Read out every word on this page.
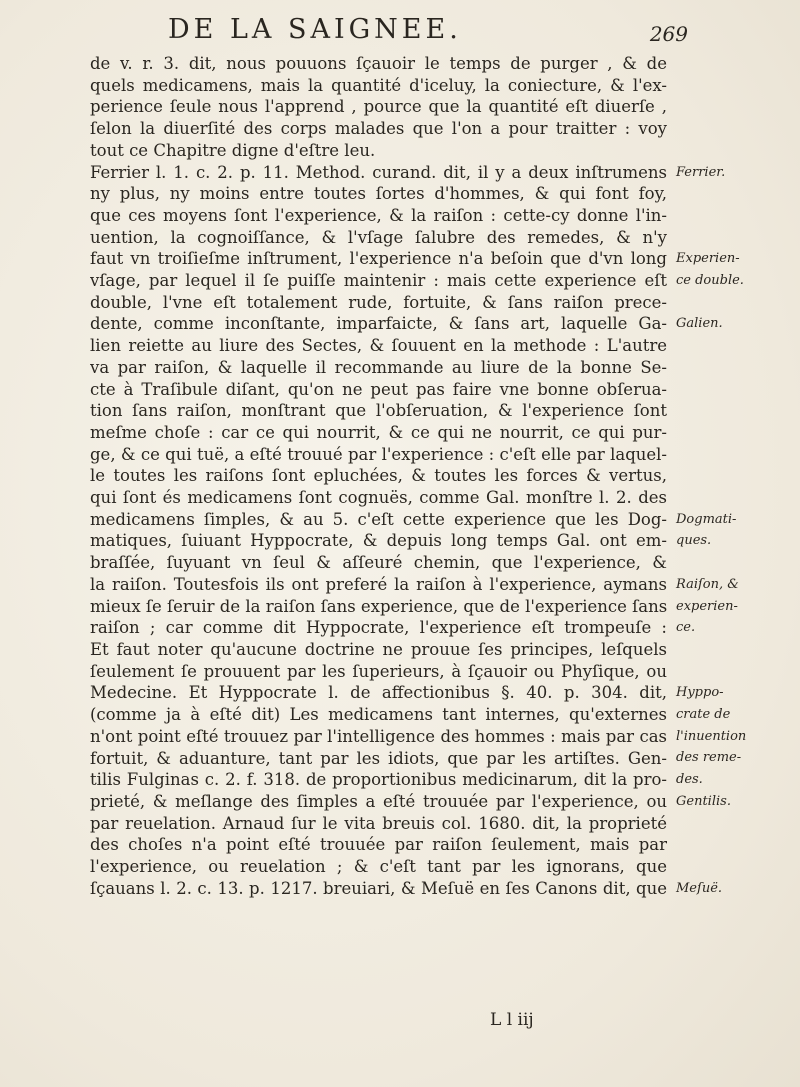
DE LA SAIGNEE.	269
de v. r. 3. dit, nous pouuons ſçauoir le temps de purger , & de
quels medicamens, mais la quantité d'iceluy, la coniecture, & l'ex-
perience ſeule nous l'apprend , pource que la quantité eſt diuerſe ,
ſelon la diuerſité des corps malades que l'on a pour traitter : voy
tout ce Chapitre digne d'eſtre leu.
Ferrier l. 1. c. 2. p. 11. Method. curand. dit, il y a deux inſtrumens
ny plus, ny moins entre toutes ſortes d'hommes, & qui font foy,
que ces moyens ſont l'experience, & la raiſon : cette-cy donne l'in-
uention, la cognoiſſance, & l'vſage ſalubre des remedes, & n'y
faut vn troiſieſme inſtrument, l'experience n'a beſoin que d'vn long
vſage, par lequel il ſe puiſſe maintenir : mais cette experience eſt
double, l'vne eſt totalement rude, fortuite, & ſans raiſon prece-
dente, comme inconſtante, imparfaicte, & ſans art, laquelle Ga-
lien reiette au liure des Sectes, & ſouuent en la methode : L'autre
va par raiſon, & laquelle il recommande au liure de la bonne Se-
cte à Traſibule diſant, qu'on ne peut pas faire vne bonne obſerua-
tion ſans raiſon, monſtrant que l'obſeruation, & l'experience ſont
meſme choſe : car ce qui nourrit, & ce qui ne nourrit, ce qui pur-
ge, & ce qui tuë, a eſté trouué par l'experience : c'eſt elle par laquel-
le toutes les raiſons ſont epluchées, & toutes les forces & vertus,
qui ſont és medicamens ſont cognuës, comme Gal. monſtre l. 2. des
medicamens ſimples, & au 5. c'eſt cette experience que les Dog-
matiques, ſuiuant Hyppocrate, & depuis long temps Gal. ont em-
braſſée, ſuyuant vn ſeul & aſſeuré chemin, que l'experience, &
la raiſon. Toutesfois ils ont preferé la raiſon à l'experience, aymans
mieux ſe ſeruir de la raiſon ſans experience, que de l'experience ſans
raiſon ; car comme dit Hyppocrate, l'experience eſt trompeuſe :
Et faut noter qu'aucune doctrine ne prouue ſes principes, leſquels
ſeulement ſe prouuent par les ſuperieurs, à ſçauoir ou Phyſique, ou
Medecine. Et Hyppocrate l. de affectionibus §. 40. p. 304. dit,
(comme ja à eſté dit) Les medicamens tant internes, qu'externes
n'ont point eſté trouuez par l'intelligence des hommes : mais par cas
fortuit, & aduanture, tant par les idiots, que par les artiſtes. Gen-
tilis Fulginas c. 2. f. 318. de proportionibus medicinarum, dit la pro-
prieté, & meſlange des ſimples a eſté trouuée par l'experience, ou
par reuelation. Arnaud ſur le vita breuis col. 1680. dit, la proprieté
des choſes n'a point eſté trouuée par raiſon ſeulement, mais par
l'experience, ou reuelation ; & c'eſt tant par les ignorans, que
ſçauans l. 2. c. 13. p. 1217. breuiari, & Meſuë en ſes Canons dit, que
Ferrier.
Experien-
ce double.
Galien.
Dogmati-
ques.
Raiſon, &
experien-
ce.
Hyppo-
crate de
l'inuention
des reme-
des.
Gentilis.
Meſuë.
L l iij
